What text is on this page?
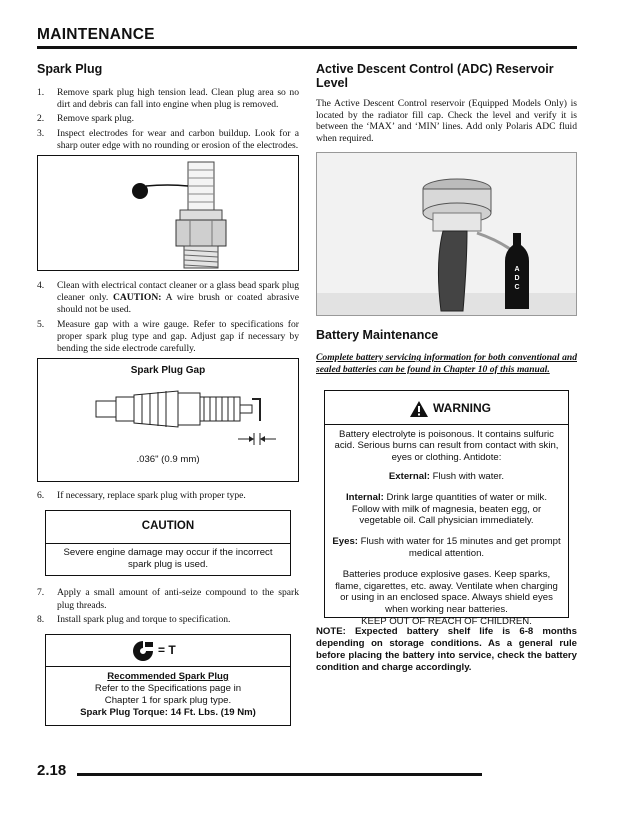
MAINTENANCE
Spark Plug
1. Remove spark plug high tension lead. Clean plug area so no dirt and debris can fall into engine when plug is removed.
2. Remove spark plug.
3. Inspect electrodes for wear and carbon buildup. Look for a sharp outer edge with no rounding or erosion of the electrodes.
4. Clean with electrical contact cleaner or a glass bead spark plug cleaner only. CAUTION: A wire brush or coated abrasive should not be used.
5. Measure gap with a wire gauge. Refer to specifications for proper spark plug type and gap. Adjust gap if necessary by bending the side electrode carefully.
Spark Plug Gap
.036" (0.9 mm)
6. If necessary, replace spark plug with proper type.
CAUTION
Severe engine damage may occur if the incorrect spark plug is used.
7. Apply a small amount of anti-seize compound to the spark plug threads.
8. Install spark plug and torque to specification.
= T
Recommended Spark Plug
Refer to the Specifications page in
Chapter 1 for spark plug type.
Spark Plug Torque: 14 Ft. Lbs. (19 Nm)
Active Descent Control (ADC) Reservoir Level

The Active Descent Control reservoir (Equipped Models Only) is located by the radiator fill cap. Check the level and verify it is between the ‘MAX’ and ‘MIN’ lines. Add only Polaris ADC fluid when required.

A D C
Battery Maintenance

Complete battery servicing information for both conventional and sealed batteries can be found in Chapter 10 of this manual.

WARNING

Battery electrolyte is poisonous. It contains sulfuric acid. Serious burns can result from contact with skin, eyes or clothing. Antidote:

External: Flush with water.

Internal: Drink large quantities of water or milk. Follow with milk of magnesia, beaten egg, or vegetable oil. Call physician immediately.

Eyes: Flush with water for 15 minutes and get prompt medical attention.

Batteries produce explosive gases. Keep sparks, flame, cigarettes, etc. away. Ventilate when charging or using in an enclosed space. Always shield eyes when working near batteries.

KEEP OUT OF REACH OF CHILDREN.

NOTE: Expected battery shelf life is 6-8 months depending on storage conditions. As a general rule before placing the battery into service, check the battery condition and charge accordingly.

2.18
